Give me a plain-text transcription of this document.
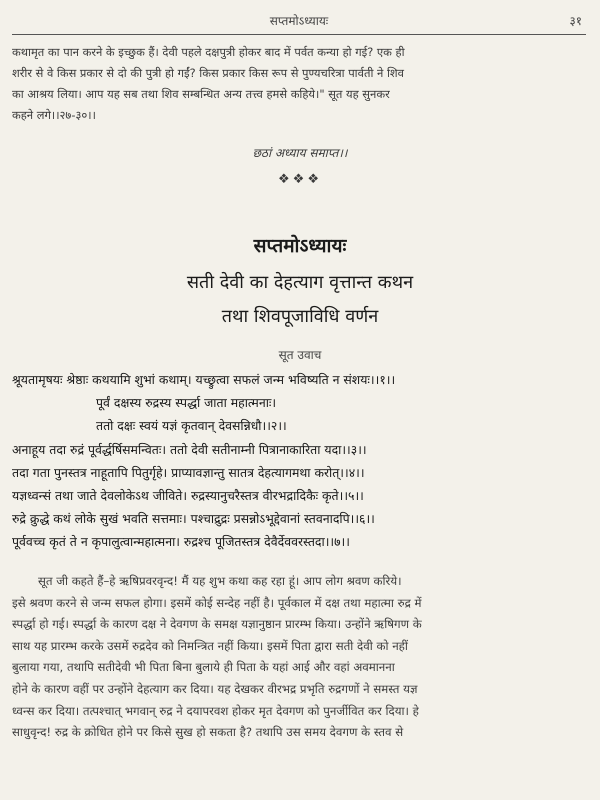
सप्तमोऽध्यायः	३१

कथामृत का पान करने के इच्छुक हैं। देवी पहले दक्षपुत्री होकर बाद में पर्वत कन्या हो गई? एक ही
शरीर से वे किस प्रकार से दो की पुत्री हो गईं? किस प्रकार किस रूप से पुण्यचरित्रा पार्वती ने शिव
का आश्रय लिया। आप यह सब तथा शिव सम्बन्धित अन्य तत्त्व हमसे कहिये।" सूत यह सुनकर
कहने लगे।।२७-३०।।

छठां अध्याय समाप्त।।
❖❖❖
सप्तमोऽध्यायः
सती देवी का देहत्याग वृत्तान्त कथन
तथा शिवपूजाविधि वर्णन
सूत उवाच
श्रूयतामृषयः श्रेष्ठाः कथयामि शुभां कथाम्। यच्छ्रुत्वा सफलं जन्म भविष्यति न संशयः।।१।।
पूर्वं दक्षस्य रुद्रस्य स्पर्द्धा जाता महात्मनाः।
ततो दक्षः स्वयं यज्ञं कृतवान् देवसन्निधौ।।२।।
अनाहूय तदा रुद्रं पूर्वर्द्धर्षिसमन्वितः। ततो देवी सतीनाम्नी पित्रानाकारिता यदा।।३।।
तदा गता पुनस्तत्र नाहूतापि पितुर्गृहे। प्राप्यावज्ञान्तु सातत्र देहत्यागमथा करोत्।।४।।
यज्ञध्वन्सं तथा जाते देवलोकेऽथ जीविते। रुद्रस्यानुचरैस्तत्र वीरभद्रादिकैः कृते।।५।।
रुद्रे क्रुद्धे कथं लोके सुखं भवति सत्तमाः। पश्चाद्रुद्रः प्रसन्नोऽभूद्देवानां स्तवनादपि।।६।।
पूर्ववच्च कृतं ते न कृपालुत्वान्महात्मना। रुद्रश्च पूजितस्तत्र देवैर्देववरस्तदा।।७।।

सूत जी कहते हैं–हे ऋषिप्रवरवृन्द! मैं यह शुभ कथा कह रहा हूं। आप लोग श्रवण करिये।
इसे श्रवण करने से जन्म सफल होगा। इसमें कोई सन्देह नहीं है। पूर्वकाल में दक्ष तथा महात्मा रुद्र में
स्पर्द्धा हो गई। स्पर्द्धा के कारण दक्ष ने देवगण के समक्ष यज्ञानुष्ठान प्रारम्भ किया। उन्होंने ऋषिगण के
साथ यह प्रारम्भ करके उसमें रुद्रदेव को निमन्त्रित नहीं किया। इसमें पिता द्वारा सती देवी को नहीं
बुलाया गया, तथापि सतीदेवी भी पिता बिना बुलाये ही पिता के यहां आई और वहां अवमानना
होने के कारण वहीं पर उन्होंने देहत्याग कर दिया। यह देखकर वीरभद्र प्रभृति रुद्रगणों ने समस्त यज्ञ
ध्वन्स कर दिया। तत्पश्चात् भगवान् रुद्र ने दयापरवश होकर मृत देवगण को पुनर्जीवित कर दिया। हे
साधुवृन्द! रुद्र के क्रोधित होने पर किसे सुख हो सकता है? तथापि उस समय देवगण के स्तव से
